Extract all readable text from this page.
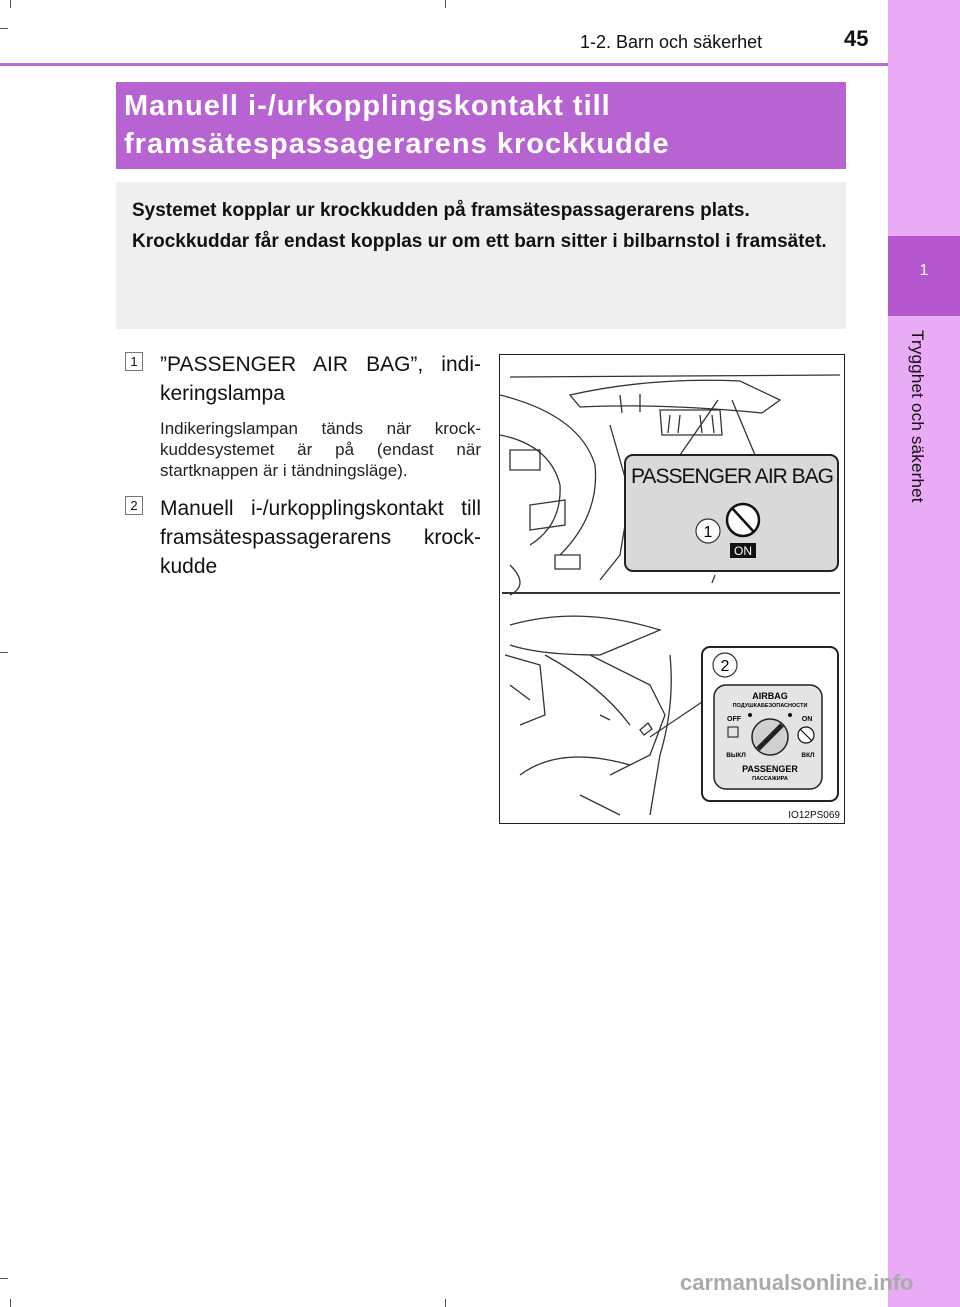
1-2. Barn och säkerhet	45
1
Trygghet och säkerhet

Manuell i-/urkopplingskontakt till

framsätespassagerarens krockkudde

Systemet kopplar ur krockkudden på framsätespassagerarens plats.

Krockkuddar får endast kopplas ur om ett barn sitter i bilbarnstol i framsätet.

1 ”PASSENGER AIR BAG”, indi-keringslampa
Indikeringslampan tänds när krock-kuddesystemet är på (endast när startknappen är i tändningsläge).
2 Manuell i-/urkopplingskontakt till framsätespassagerarens krock-kudde
PASSENGER AIR BAG
1
ON
2
AIRBAG
ПОДУШКАБЕЗОПАСНОСТИ
OFF	ON
ВЫКЛ	ВКЛ
PASSENGER
ПАССАЖИРА
IO12PS069
carmanualsonline.info
